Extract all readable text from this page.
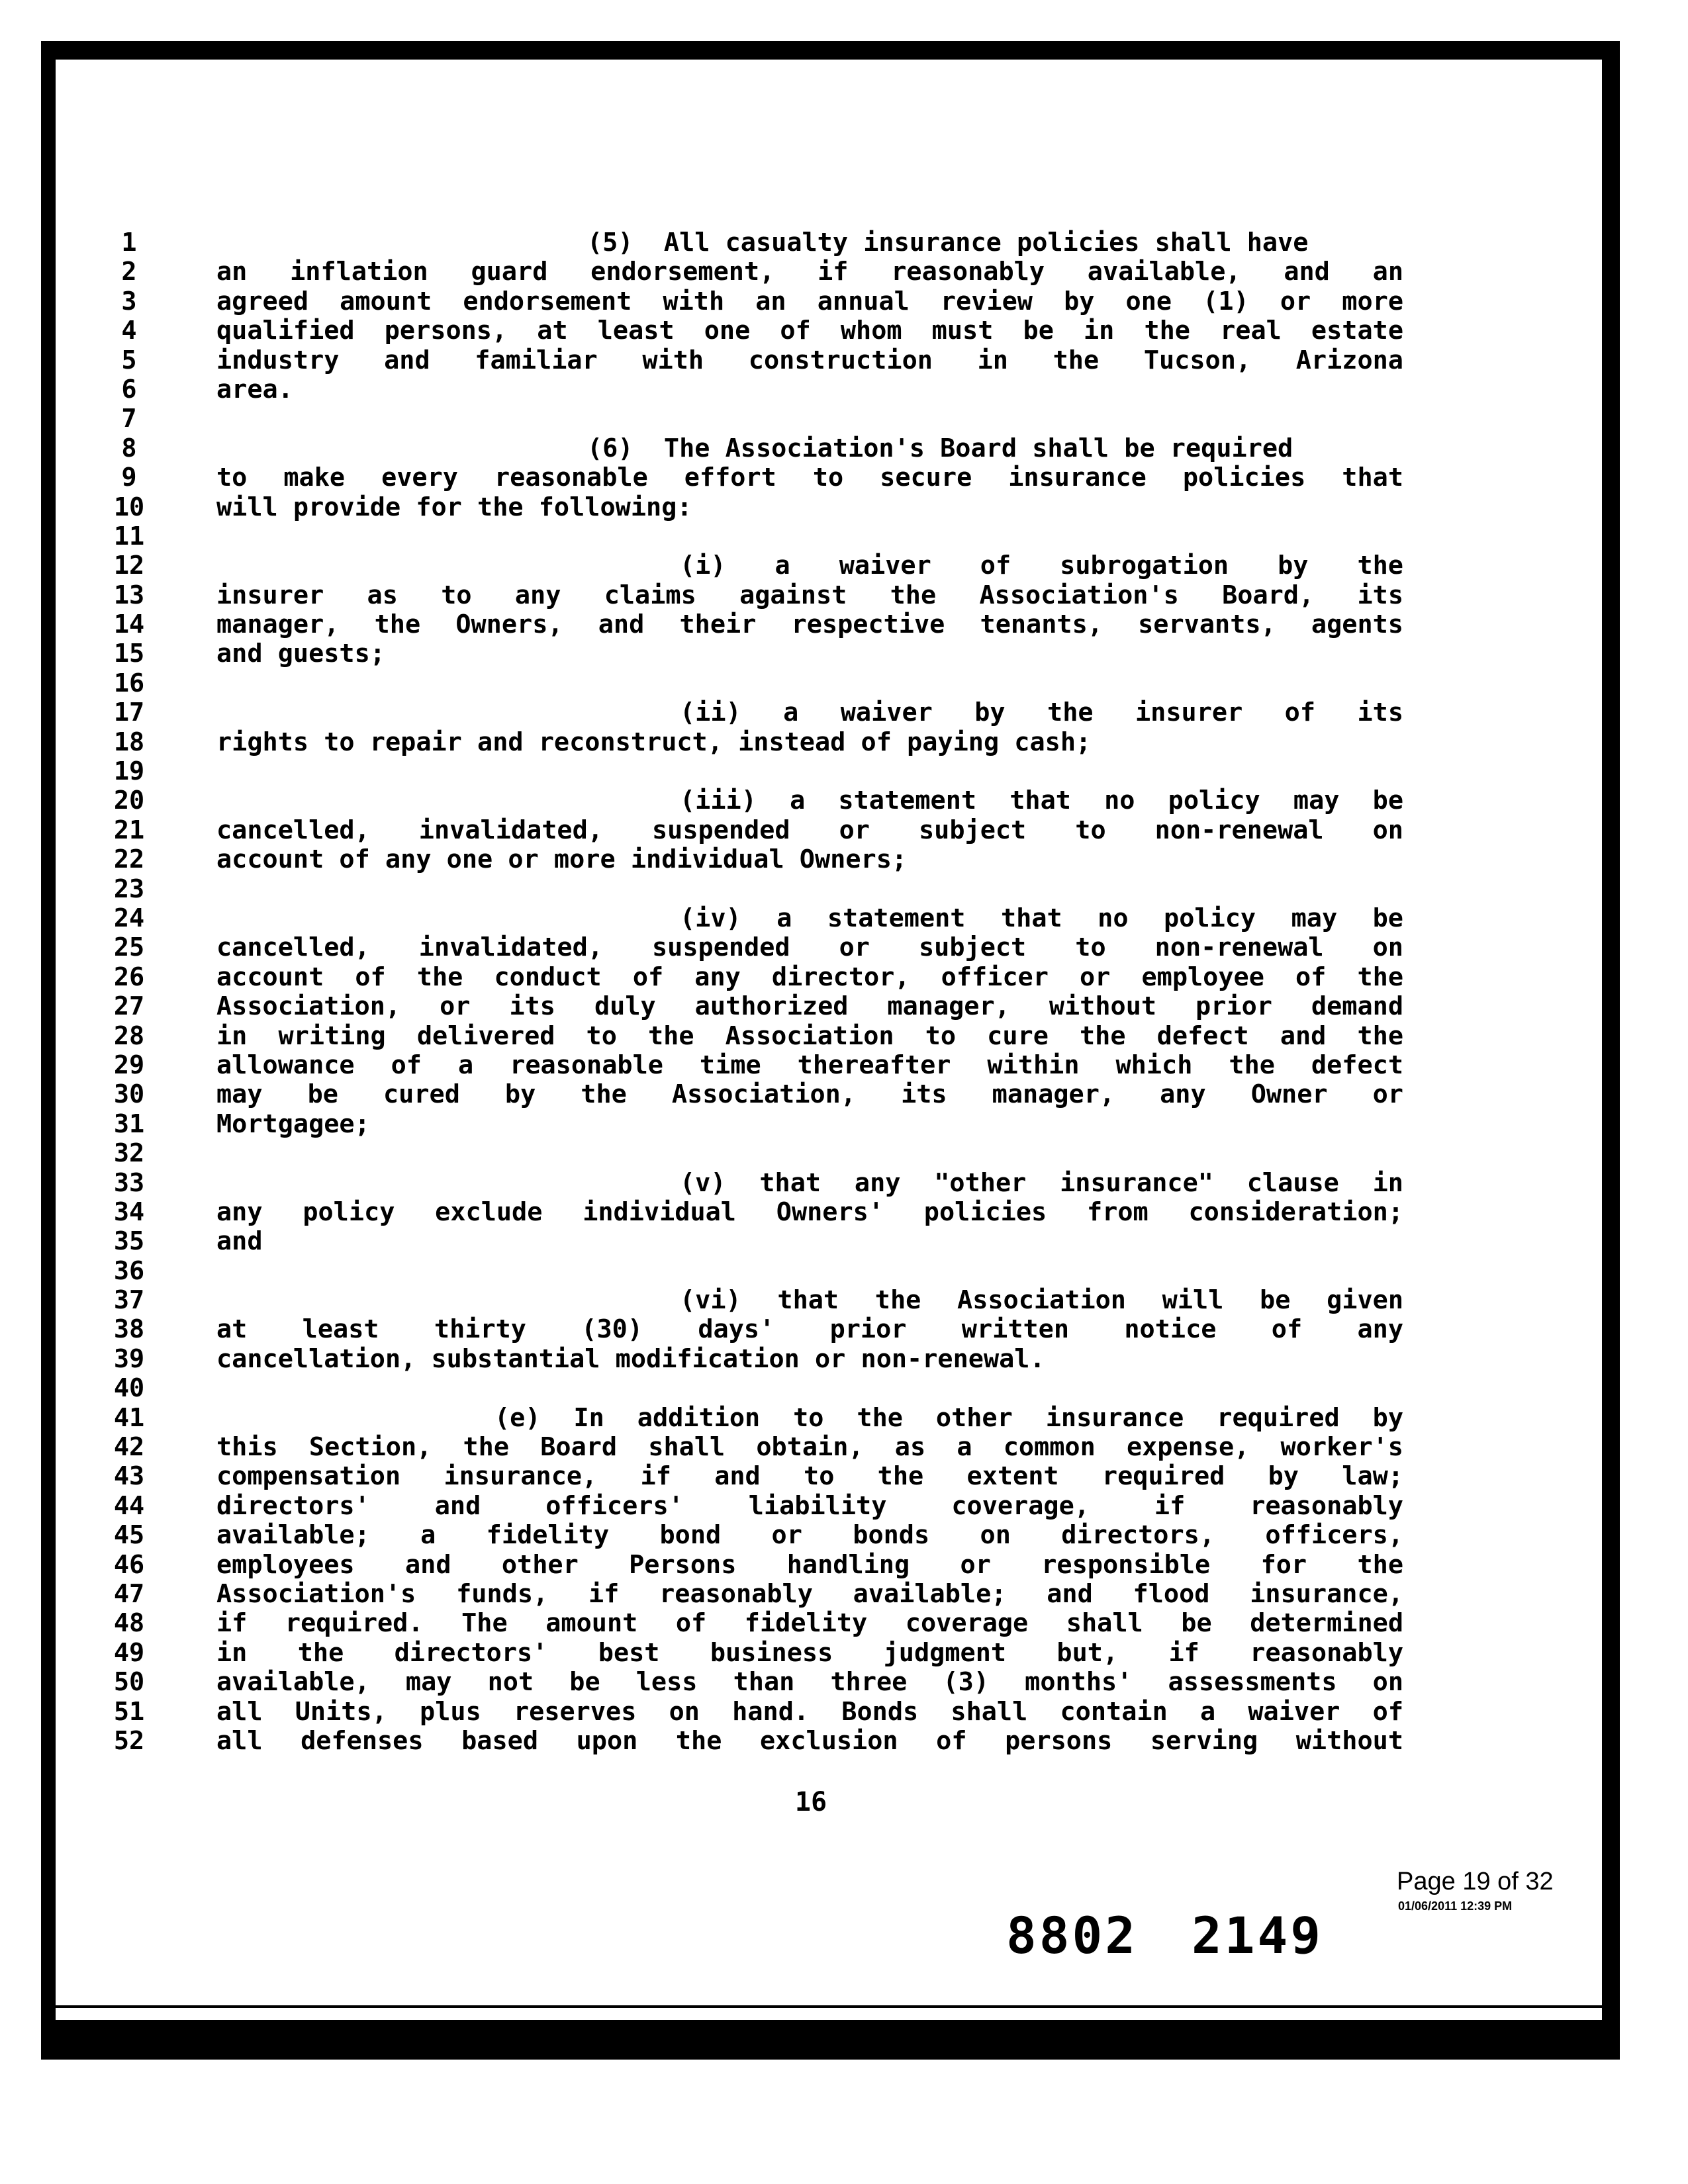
1	(5)  All casualty insurance policies shall have
2	an inflation guard endorsement, if reasonably available, and an
3	agreed amount endorsement with an annual review by one (1) or more
4	qualified persons, at least one of whom must be in the real estate
5	industry and familiar with construction in the Tucson, Arizona
6	area.
7
8	(6)  The Association's Board shall be required
9	to make every reasonable effort to secure insurance policies that
10	will provide for the following:
11
12	(i) a waiver of subrogation by the
13	insurer as to any claims against the Association's Board, its
14	manager, the Owners, and their respective tenants, servants, agents
15	and guests;
16
17	(ii) a waiver by the insurer of its
18	rights to repair and reconstruct, instead of paying cash;
19
20	(iii) a statement that no policy may be
21	cancelled, invalidated, suspended or subject to non-renewal on
22	account of any one or more individual Owners;
23
24	(iv) a statement that no policy may be
25	cancelled, invalidated, suspended or subject to non-renewal on
26	account of the conduct of any director, officer or employee of the
27	Association, or its duly authorized manager, without prior demand
28	in writing delivered to the Association to cure the defect and the
29	allowance of a reasonable time thereafter within which the defect
30	may be cured by the Association, its manager, any Owner or
31	Mortgagee;
32
33	(v) that any "other insurance" clause in
34	any policy exclude individual Owners' policies from consideration;
35	and
36
37	(vi) that the Association will be given
38	at least thirty (30) days' prior written notice of any
39	cancellation, substantial modification or non-renewal.
40
41	(e) In addition to the other insurance required by
42	this Section, the Board shall obtain, as a common expense, worker's
43	compensation insurance, if and to the extent required by law;
44	directors' and officers' liability coverage, if reasonably
45	available; a fidelity bond or bonds on directors, officers,
46	employees and other Persons handling or responsible for the
47	Association's funds, if reasonably available; and flood insurance,
48	if required. The amount of fidelity coverage shall be determined
49	in the directors' best business judgment but, if reasonably
50	available, may not be less than three (3) months' assessments on
51	all Units, plus reserves on hand. Bonds shall contain a waiver of
52	all defenses based upon the exclusion of persons serving without
16
Page 19 of 32
01/06/2011 12:39 PM
8802 2149
